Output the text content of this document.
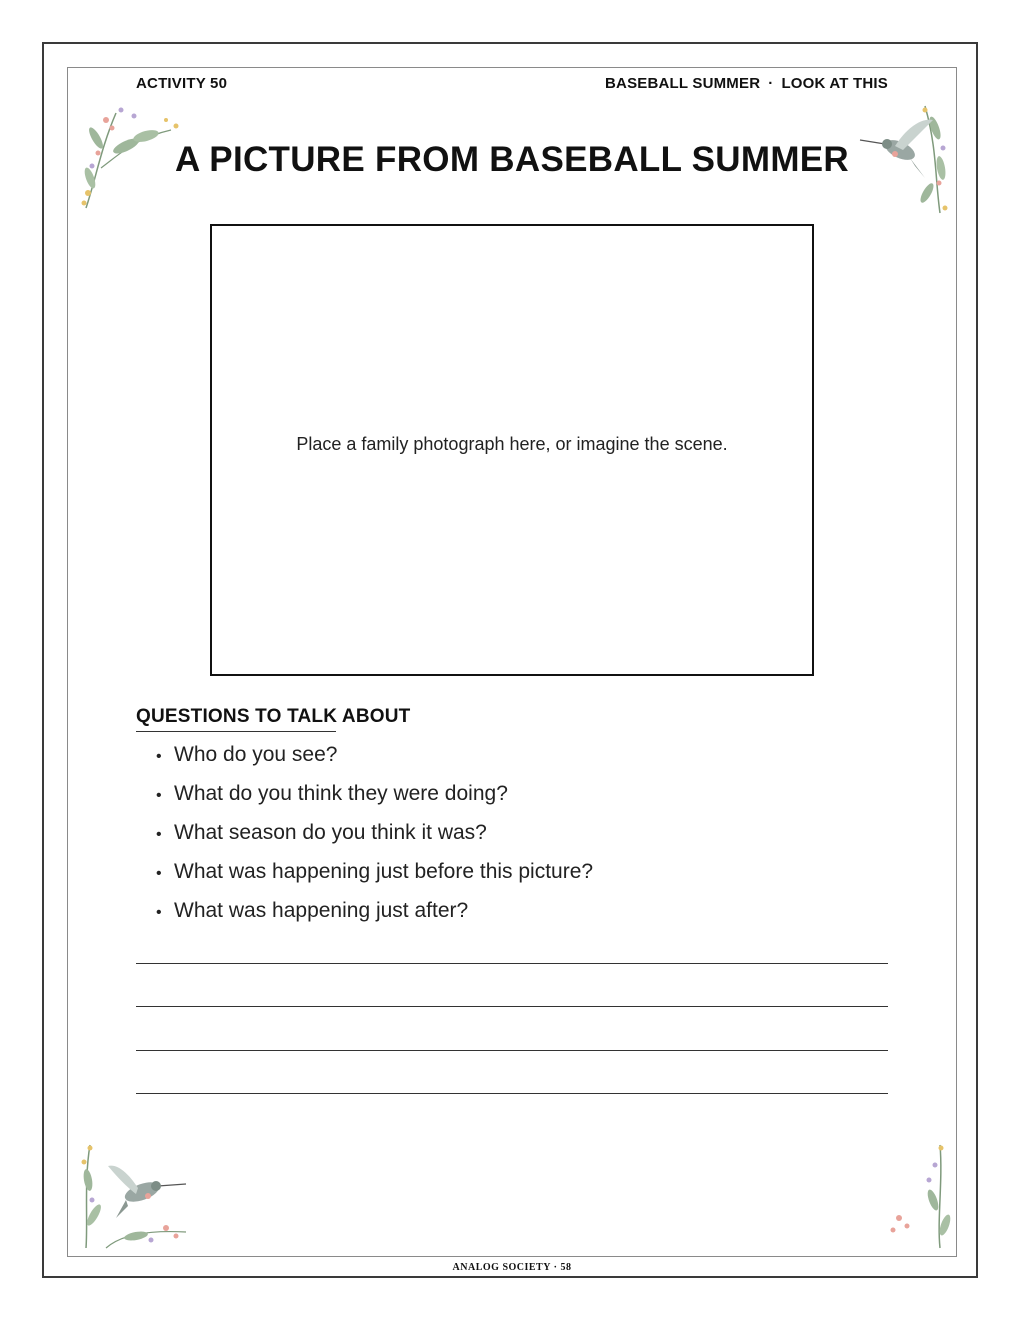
ACTIVITY 50	BASEBALL SUMMER · LOOK AT THIS
A PICTURE FROM BASEBALL SUMMER
Place a family photograph here, or imagine the scene.
QUESTIONS TO TALK ABOUT
• Who do you see?
• What do you think they were doing?
• What season do you think it was?
• What was happening just before this picture?
• What was happening just after?
ANALOG SOCIETY · 58
